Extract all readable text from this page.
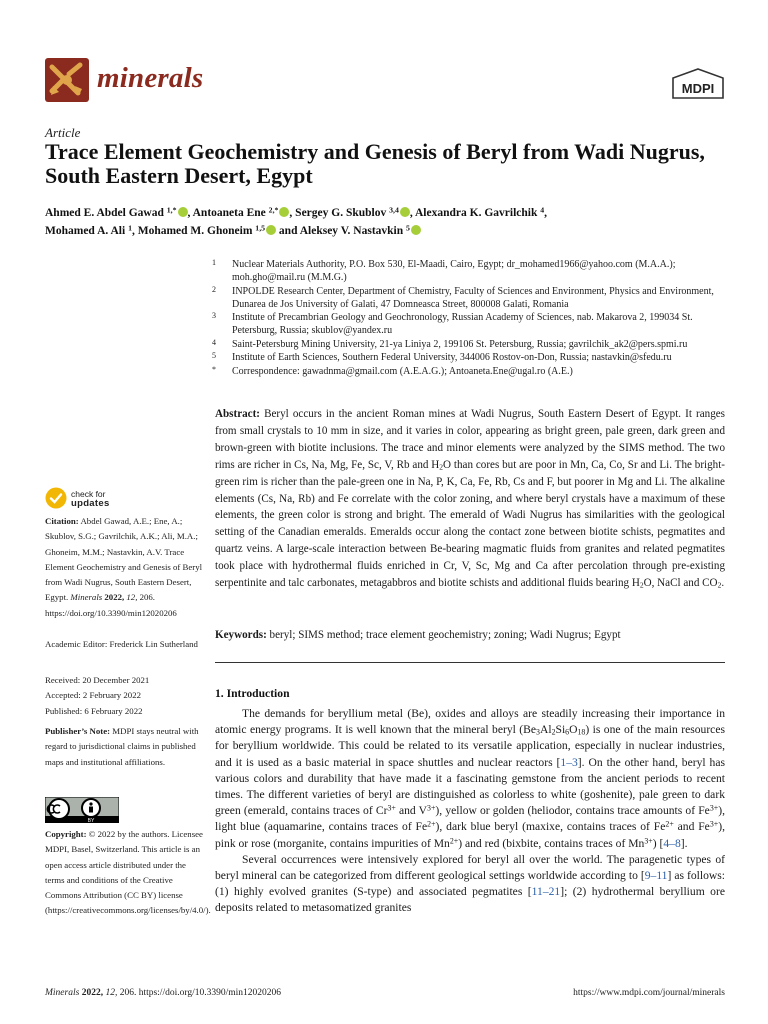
minerals	MDPI
Article
Trace Element Geochemistry and Genesis of Beryl from Wadi Nugrus, South Eastern Desert, Egypt
Ahmed E. Abdel Gawad $^{1,*}$ , Antoaneta Ene $^{2,*}$ , Sergey G. Skublov $^{3,4}$ , Alexandra K. Gavrilchik $^4$,
Mohamed A. Ali $^1$, Mohamed M. Ghoneim $^{1,5}$ and Aleksey V. Nastavkin $^5$
1 Nuclear Materials Authority, P.O. Box 530, El-Maadi, Cairo, Egypt; dr_mohamed1966@yahoo.com (M.A.A.); moh.gho@mail.ru (M.M.G.)
2 INPOLDE Research Center, Department of Chemistry, Faculty of Sciences and Environment, Physics and Environment, Dunarea de Jos University of Galati, 47 Domneasca Street, 800008 Galati, Romania
3 Institute of Precambrian Geology and Geochronology, Russian Academy of Sciences, nab. Makarova 2, 199034 St. Petersburg, Russia; skublov@yandex.ru
4 Saint-Petersburg Mining University, 21-ya Liniya 2, 199106 St. Petersburg, Russia; gavrilchik_ak2@pers.spmi.ru
5 Institute of Earth Sciences, Southern Federal University, 344006 Rostov-on-Don, Russia; nastavkin@sfedu.ru
* Correspondence: gawadnma@gmail.com (A.E.A.G.); Antoaneta.Ene@ugal.ro (A.E.)
check for
updates
Citation: Abdel Gawad, A.E.; Ene, A.; Skublov, S.G.; Gavrilchik, A.K.; Ali, M.A.; Ghoneim, M.M.; Nastavkin, A.V. Trace Element Geochemistry and Genesis of Beryl from Wadi Nugrus, South Eastern Desert, Egypt. Minerals 2022, 12, 206. https://doi.org/10.3390/min12020206
Academic Editor: Frederick Lin Sutherland
Received: 20 December 2021
Accepted: 2 February 2022
Published: 6 February 2022
Publisher’s Note: MDPI stays neutral with regard to jurisdictional claims in published maps and institutional affiliations.
BY
Copyright: © 2022 by the authors. Licensee MDPI, Basel, Switzerland. This article is an open access article distributed under the terms and conditions of the Creative Commons Attribution (CC BY) license (https://creativecommons.org/licenses/by/4.0/).
Abstract: Beryl occurs in the ancient Roman mines at Wadi Nugrus, South Eastern Desert of Egypt. It ranges from small crystals to 10 mm in size, and it varies in color, appearing as bright green, pale green, dark green and brown-green with biotite inclusions. The trace and minor elements were analyzed by the SIMS method. The two rims are richer in Cs, Na, Mg, Fe, Sc, V, Rb and $H_2O$ than cores but are poor in Mn, Ca, Co, Sr and Li. The bright-green rim is richer than the pale-green one in Na, P, K, Ca, Fe, Rb, Cs and F, but poorer in Mg and Li. The alkaline elements (Cs, Na, Rb) and Fe correlate with the color zoning, and where beryl crystals have a maximum of these elements, the green color is strong and bright. The emerald of Wadi Nugrus has similarities with the geological setting of the Canadian emeralds. Emeralds occur along the contact zone between biotite schists, pegmatites and quartz veins. A large-scale interaction between Be-bearing magmatic fluids from granites and related pegmatites took place with hydrothermal fluids enriched in Cr, V, Sc, Mg and Ca after percolation through pre-existing serpentinite and talc carbonates, metagabbros and biotite schists and additional fluids bearing $H_2O$, NaCl and $CO_2$.
Keywords: beryl; SIMS method; trace element geochemistry; zoning; Wadi Nugrus; Egypt
1. Introduction

The demands for beryllium metal (Be), oxides and alloys are steadily increasing their importance in atomic energy programs. It is well known that the mineral beryl $(Be_3Al_2Si_6O_{18})$ is one of the main resources for beryllium worldwide. This could be related to its versatile application, especially in nuclear industries, and it is used as a basic material in space shuttles and nuclear reactors [1–3]. On the other hand, beryl has various colors and durability that have made it a fascinating gemstone from the ancient periods to recent times. The different varieties of beryl are distinguished as colorless to white (goshenite), pale green to dark green (emerald, contains traces of $Cr^{3+}$ and $V^{3+}$), yellow or golden (heliodor, contains trace amounts of $Fe^{3+}$), light blue (aquamarine, contains traces of $Fe^{2+}$), dark blue beryl (maxixe, contains traces of $Fe^{2+}$ and $Fe^{3+}$), pink or rose (morganite, contains impurities of $Mn^{2+}$) and red (bixbite, contains traces of $Mn^{3+}$) [4–8].

Several occurrences were intensively explored for beryl all over the world. The paragenetic types of beryl mineral can be categorized from different geological settings worldwide according to [9–11] as follows: (1) highly evolved granites (S-type) and associated pegmatites [11–21]; (2) hydrothermal beryllium ore deposits related to metasomatized granites

Minerals 2022, 12, 206. https://doi.org/10.3390/min12020206	https://www.mdpi.com/journal/minerals
